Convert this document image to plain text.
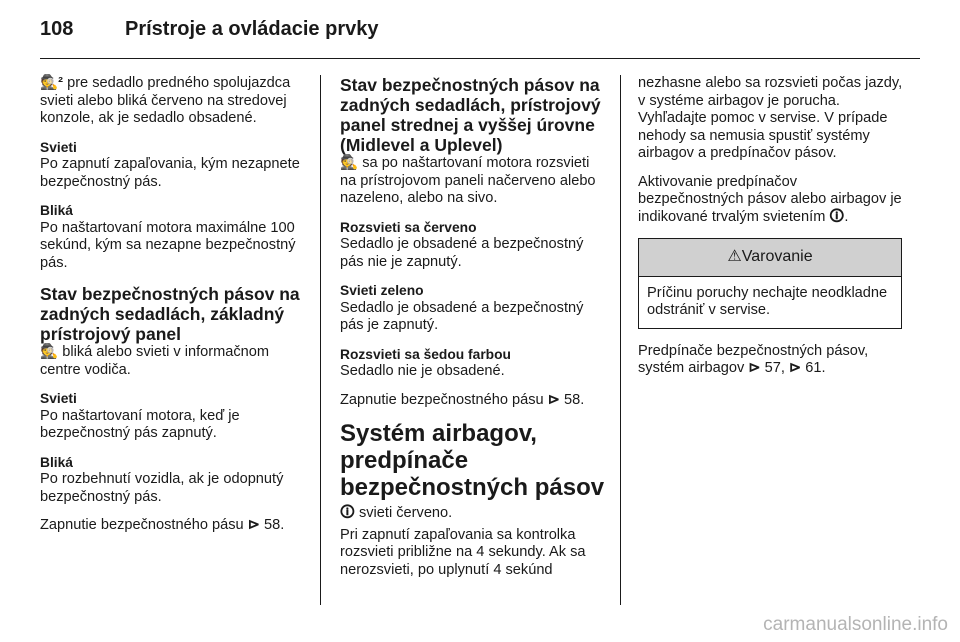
108	Prístroje a ovládacie prvky

🕵² pre sedadlo predného spolujazdca svieti alebo bliká červeno na stredovej konzole, ak je sedadlo obsadené.

Svieti
Po zapnutí zapaľovania, kým nezapnete bezpečnostný pás.

Bliká
Po naštartovaní motora maximálne 100 sekúnd, kým sa nezapne bezpečnostný pás.

Stav bezpečnostných pásov na zadných sedadlách, základný prístrojový panel

🕵 bliká alebo svieti v informačnom centre vodiča.

Svieti
Po naštartovaní motora, keď je bezpečnostný pás zapnutý.

Bliká
Po rozbehnutí vozidla, ak je odopnutý bezpečnostný pás.

Zapnutie bezpečnostného pásu ⊳ 58.

Stav bezpečnostných pásov na zadných sedadlách, prístrojový panel strednej a vyššej úrovne (Midlevel a Uplevel)

🕵 sa po naštartovaní motora rozsvieti na prístrojovom paneli načerveno alebo nazeleno, alebo na sivo.

Rozsvieti sa červeno
Sedadlo je obsadené a bezpečnostný pás nie je zapnutý.

Svieti zeleno
Sedadlo je obsadené a bezpečnostný pás je zapnutý.

Rozsvieti sa šedou farbou
Sedadlo nie je obsadené.

Zapnutie bezpečnostného pásu ⊳ 58.

Systém airbagov, predpínače bezpečnostných pásov

🛈 svieti červeno.

Pri zapnutí zapaľovania sa kontrolka rozsvieti približne na 4 sekundy. Ak sa nerozsvieti, po uplynutí 4 sekúnd

nezhasne alebo sa rozsvieti počas jazdy, v systéme airbagov je porucha. Vyhľadajte pomoc v servise. V prípade nehody sa nemusia spustiť systémy airbagov a predpínačov pásov.

Aktivovanie predpínačov bezpečnostných pásov alebo airbagov je indikované trvalým svietením 🛈.

⚠Varovanie
Príčinu poruchy nechajte neodkladne odstrániť v servise.

Predpínače bezpečnostných pásov, systém airbagov ⊳ 57, ⊳ 61.

carmanualsonline.info
